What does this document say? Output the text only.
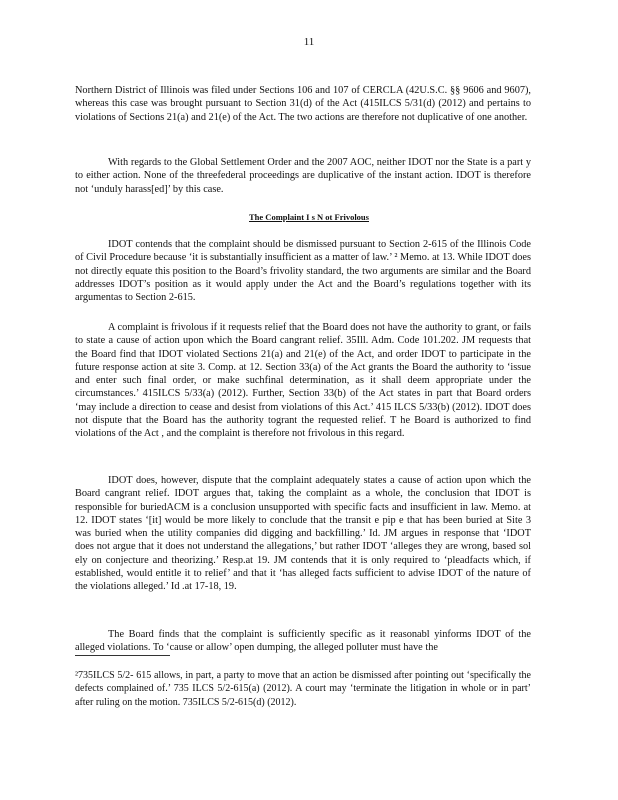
11

Northern District of Illinois was filed under Sections 106 and 107 of CERCLA (42U.S.C. §§ 9606 and 9607), whereas this case was brought pursuant to Section 31(d) of the Act (415ILCS 5/31(d) (2012) and pertains to violations of Sections 21(a) and 21(e) of the Act. The two actions are therefore not duplicative of one another.

With regards to the Global Settlement Order and the 2007 AOC, neither IDOT nor the State is a part y to either action. None of the threefederal proceedings are duplicative of the instant action. IDOT is therefore not ‘unduly harass[ed]’ by this case.

The Complaint I s N ot Frivolous

IDOT contends that the complaint should be dismissed pursuant to Section 2-615 of the Illinois Code of Civil Procedure because ‘it is substantially insufficient as a matter of law.’ ² Memo. at 13. While IDOT does not directly equate this position to the Board’s frivolity standard, the two arguments are similar and the Board addresses IDOT’s position as it would apply under the Act and the Board’s regulations together with its argumentas to Section 2-615.

A complaint is frivolous if it requests relief that the Board does not have the authority to grant, or fails to state a cause of action upon which the Board cangrant relief. 35Ill. Adm. Code 101.202. JM requests that the Board find that IDOT violated Sections 21(a) and 21(e) of the Act, and order IDOT to participate in the future response action at site 3. Comp. at 12. Section 33(a) of the Act grants the Board the authority to ‘issue and enter such final order, or make suchfinal determination, as it shall deem appropriate under the circumstances.’ 415ILCS 5/33(a) (2012). Further, Section 33(b) of the Act states in part that Board orders ‘may include a direction to cease and desist from violations of this Act.’ 415 ILCS 5/33(b) (2012). IDOT does not dispute that the Board has the authority togrant the requested relief. T he Board is authorized to find violations of the Act , and the complaint is therefore not frivolous in this regard.

IDOT does, however, dispute that the complaint adequately states a cause of action upon which the Board cangrant relief. IDOT argues that, taking the complaint as a whole, the conclusion that IDOT is responsible for buriedACM is a conclusion unsupported with specific facts and insufficient in law. Memo. at 12. IDOT states ‘[it] would be more likely to conclude that the transit e pip e that has been buried at Site 3 was buried when the utility companies did digging and backfilling.’ Id. JM argues in response that ‘IDOT does not argue that it does not understand the allegations,’ but rather IDOT ‘alleges they are wrong, based sol ely on conjecture and theorizing.’ Resp.at 19. JM contends that it is only required to ‘pleadfacts which, if established, would entitle it to relief’ and that it ‘has alleged facts sufficient to advise IDOT of the nature of the violations alleged.’ Id .at 17-18, 19.

The Board finds that the complaint is sufficiently specific as it reasonabl yinforms IDOT of the alleged violations. To ‘cause or allow’ open dumping, the alleged polluter must have the

²735ILCS 5/2- 615 allows, in part, a party to move that an action be dismissed after pointing out ‘specifically the defects complained of.’ 735 ILCS 5/2-615(a) (2012). A court may ‘terminate the litigation in whole or in part’ after ruling on the motion. 735ILCS 5/2-615(d) (2012).
